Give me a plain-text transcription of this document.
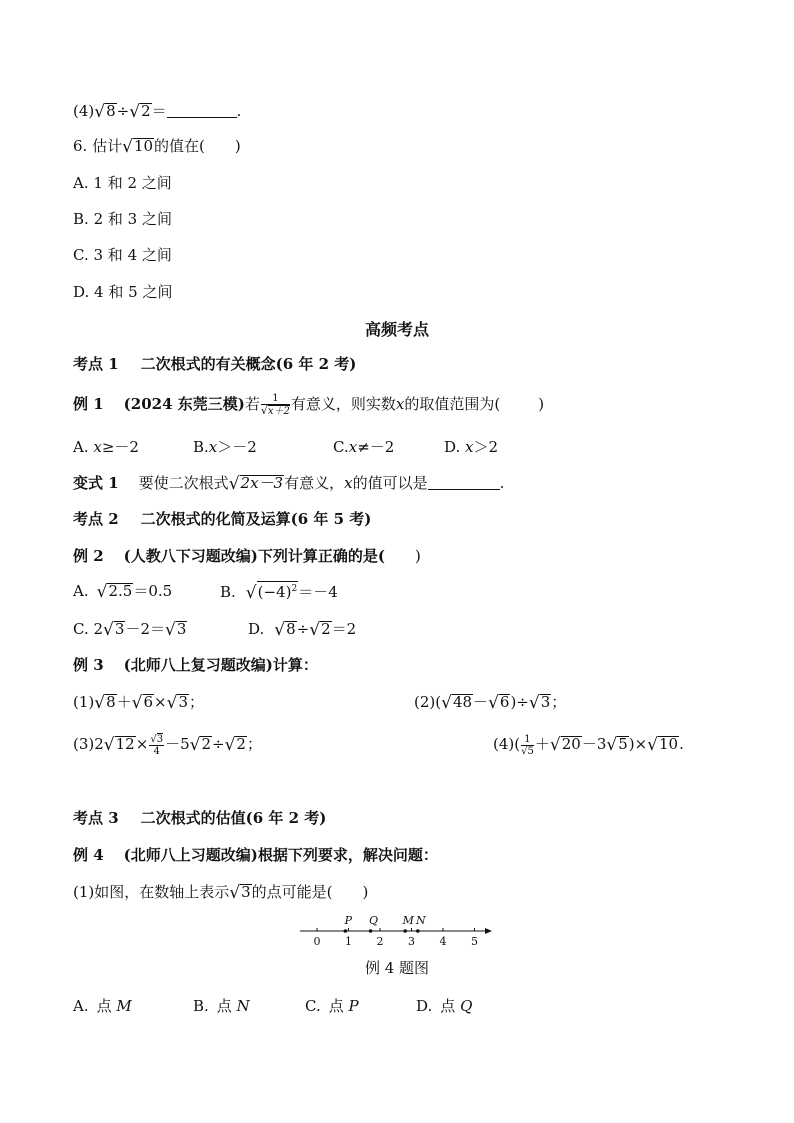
(4)√8÷√2＝	.
6. 估计√10的值在( )
A. 1 和 2 之间
B. 2 和 3 之间
C. 3 和 4 之间
D. 4 和 5 之间
高频考点
考点 1 二次根式的有关概念(6 年 2 考)
例 1 (2024 东莞三模)若 $\frac{1}{√x+2}$ 有意义，则实数x的取值范围为(	)
A. x≥－2	B.x＞－2	C.x≠－2	D. x＞2
变式 1 要使二次根式√2x－3有意义，x的值可以是	.
考点 2 二次根式的化简及运算(6 年 5 考)
例 2 (人教八下习题改编)下列计算正确的是( )
A. √2.5＝0.5	B. $√(-4)^2=-4$
C. 2√3－2＝√3	D. √8÷√2＝2
例 3 (北师八上复习题改编)计算：
(1)√8＋√6×√3；	(2)(√48－√6)÷√3；
$(3)2√12\times \frac{√3}{4} -5√2\div√2$；	$(4)( \frac{1}{√5} +√20-3√5)\times√10$.
考点 3 二次根式的估值(6 年 2 考)
例 4 (北师八上习题改编)根据下列要求，解决问题：
(1)如图，在数轴上表示√3的点可能是( )
0 1 2 3 4 5
P Q M N
例 4 题图
A. 点 M	B. 点 N	C. 点 P	D. 点 Q
